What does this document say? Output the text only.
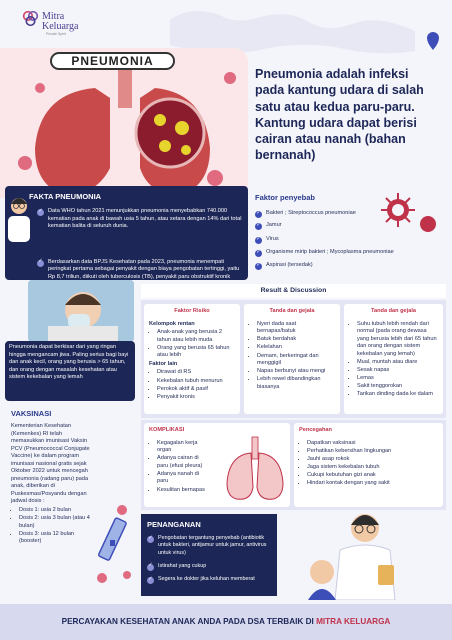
Mitra
Keluarga
Private Spirit
PNEUMONIA
Pneumonia adalah infeksi pada kantung udara di salah satu atau kedua paru-paru. Kantung udara dapat berisi cairan atau nanah (bahan bernanah)
FAKTA PNEUMONIA
✓
Data WHO tahun 2021 menunjukkan pneumonia menyebabkan 740.000 kematian pada anak di bawah usia 5 tahun, atau setara dengan 14% dari total kematian balita di seluruh dunia.
✓
Berdasarkan data BPJS Kesehatan pada 2023, pneumonia menempati peringkat pertama sebagai penyakit dengan biaya pengobatan tertinggi, yaitu Rp 8,7 triliun, diikuti oleh tuberculosis (TB), penyakit paru obstruktif kronik
Faktor penyebab
✓
Bakteri ; Streptococcus pneumoniae
✓
Jamur
✓
Virus
✓
Organisme mirip bakteri ; Mycoplasma pneumoniae
✓
Aspirasi (tersedak)
Pneumonia dapat berkisar dari yang ringan hingga mengancam jiwa. Paling serius bagi bayi dan anak kecil, orang yang berusia > 65 tahun, dan orang dengan masalah kesehatan atau sistem kekebalan yang lemah
VAKSINASI
Kementerian Kesehatan (Kemenkes) RI telah memasukkan imunisasi Vaksin PCV (Pneumococcal Conjugate Vaccine) ke dalam program imunisasi nasional gratis sejak Oktober 2022 untuk mencegah pneumonia (radang paru) pada anak, diberikan di Puskesmas/Posyandu dengan jadwal dosis :
• Dosis 1: usia 2 bulan
• Dosis 2: usia 3 bulan (atau 4 bulan)
• Dosis 3: usia 12 bulan (booster)
Result & Discussion
Faktor Risiko
Kelompok rentan
• Anak-anak yang berusia 2 tahun atau lebih muda
• Orang yang berusia 65 tahun atau lebih
Faktor lain
• Dirawat di RS
• Kekebalan tubuh menurun
• Perokok aktif & pasif
• Penyakit kronis
Tanda dan gejala
• Nyeri dada saat bernapas/batuk
• Batuk berdahak
• Kelelahan
• Demam, berkeringat dan menggigil
• Napas berbunyi atau mengi
• Lebih rewel dibandingkan biasanya
Tanda dan gejala
• Suhu tubuh lebih rendah dari normal (pada orang dewasa yang berusia lebih dari 65 tahun dan orang dengan sistem kekebalan yang lemah)
• Mual, muntah atau diare
• Sesak napas
• Lemas
• Sakit tenggorokan
• Tarikan dinding dada ke dalam
KOMPLIKASI
• Kegagalan kerja organ
• Adanya cairan di paru (efusi pleura)
• Adanya nanah di paru
• Kesulitan bernapas
Pencegahan
• Dapatkan vaksinasi
• Perhatikan kebersihan lingkungan
• Jauhi asap rokok
• Jaga sistem kekebalan tubuh
• Cukupi kebutuhan gizi anak
• Hindari kontak dengan yang sakit
PENANGANAN
✓
Pengobatan tergantung penyebab (antibiotik untuk bakteri, antijamur untuk jamur, antivirus untuk virus)
✓
Istirahat yang cukup
✓
Segera ke dokter jika keluhan memberat
PERCAYAKAN KESEHATAN ANAK ANDA PADA DSA TERBAIK DI MITRA KELUARGA
